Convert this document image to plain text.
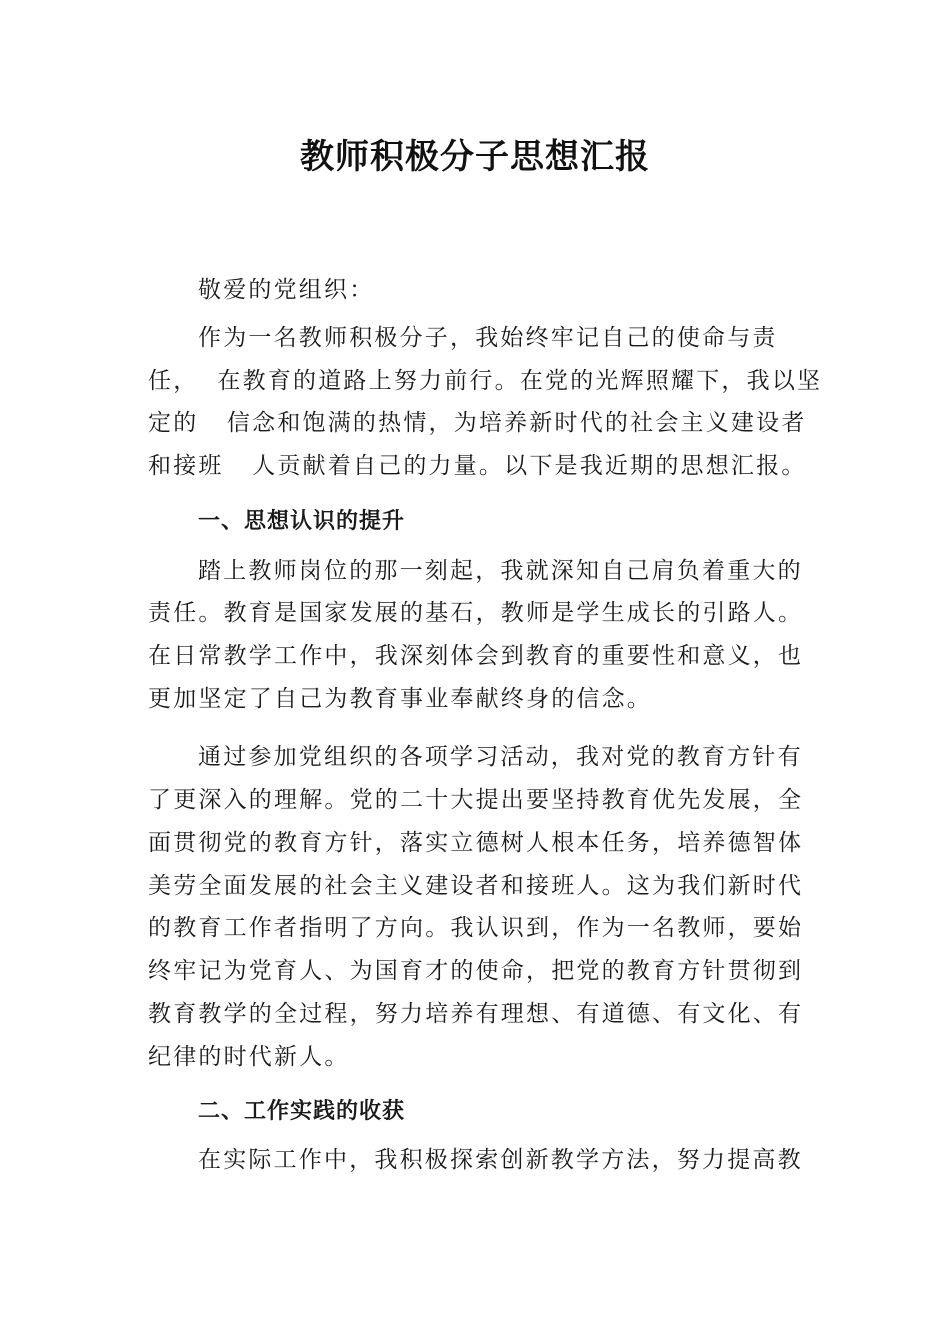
教师积极分子思想汇报
敬爱的党组织：
作为一名教师积极分子，我始终牢记自己的使命与责
任，  在教育的道路上努力前行。在党的光辉照耀下，我以坚
定的   信念和饱满的热情，为培养新时代的社会主义建设者
和接班   人贡献着自己的力量。以下是我近期的思想汇报。
一、思想认识的提升
踏上教师岗位的那一刻起，我就深知自己肩负着重大的
责任。教育是国家发展的基石，教师是学生成长的引路人。
在日常教学工作中，我深刻体会到教育的重要性和意义，也
更加坚定了自己为教育事业奉献终身的信念。
通过参加党组织的各项学习活动，我对党的教育方针有
了更深入的理解。党的二十大提出要坚持教育优先发展，全
面贯彻党的教育方针，落实立德树人根本任务，培养德智体
美劳全面发展的社会主义建设者和接班人。这为我们新时代
的教育工作者指明了方向。我认识到，作为一名教师，要始
终牢记为党育人、为国育才的使命，把党的教育方针贯彻到
教育教学的全过程，努力培养有理想、有道德、有文化、有
纪律的时代新人。
二、工作实践的收获
在实际工作中，我积极探索创新教学方法，努力提高教
